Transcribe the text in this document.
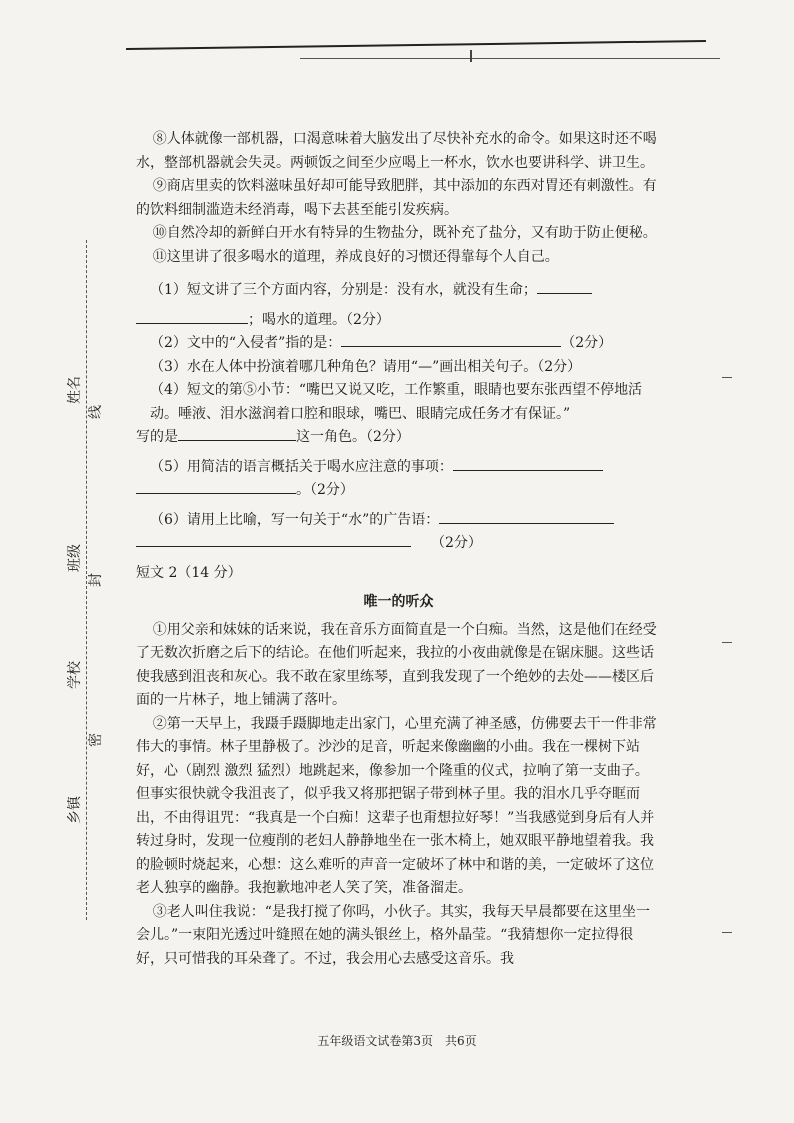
姓名
线
班级
封
学校
密
乡镇

⑧人体就像一部机器，口渴意味着大脑发出了尽快补充水的命令。如果这时还不喝水，整部机器就会失灵。两顿饭之间至少应喝上一杯水，饮水也要讲科学、讲卫生。

⑨商店里卖的饮料滋味虽好却可能导致肥胖，其中添加的东西对胃还有刺激性。有的饮料细制滥造未经消毒，喝下去甚至能引发疾病。

⑩自然冷却的新鲜白开水有特异的生物盐分，既补充了盐分，又有助于防止便秘。

⑪这里讲了很多喝水的道理，养成良好的习惯还得靠每个人自己。

（1）短文讲了三个方面内容，分别是：没有水，就没有生命；

；喝水的道理。（2分）

（2）文中的“入侵者”指的是：	（2分）

（3）水在人体中扮演着哪几种角色？请用“—”画出相关句子。（2分）

（4）短文的第⑤小节：“嘴巴又说又吃，工作繁重，眼睛也要东张西望不停地活动。唾液、泪水滋润着口腔和眼球，嘴巴、眼睛完成任务才有保证。”

写的是	这一角色。（2分）

（5）用简洁的语言概括关于喝水应注意的事项：

。（2分）

（6）请用上比喻，写一句关于“水”的广告语：

（2分）

短文 2（14 分）

唯一的听众

①用父亲和妹妹的话来说，我在音乐方面简直是一个白痴。当然，这是他们在经受了无数次折磨之后下的结论。在他们听起来，我拉的小夜曲就像是在锯床腿。这些话使我感到沮丧和灰心。我不敢在家里练琴，直到我发现了一个绝妙的去处——楼区后面的一片林子，地上铺满了落叶。

②第一天早上，我蹑手蹑脚地走出家门，心里充满了神圣感，仿佛要去干一件非常伟大的事情。林子里静极了。沙沙的足音，听起来像幽幽的小曲。我在一棵树下站好，心（剧烈 激烈 猛烈）地跳起来，像参加一个隆重的仪式，拉响了第一支曲子。但事实很快就令我沮丧了，似乎我又将那把锯子带到林子里。我的泪水几乎夺眶而出，不由得诅咒：“我真是一个白痴！这辈子也甭想拉好琴！”当我感觉到身后有人并转过身时，发现一位瘦削的老妇人静静地坐在一张木椅上，她双眼平静地望着我。我的脸顿时烧起来，心想：这么难听的声音一定破坏了林中和谐的美，一定破坏了这位老人独享的幽静。我抱歉地冲老人笑了笑，准备溜走。

③老人叫住我说：“是我打搅了你吗，小伙子。其实，我每天早晨都要在这里坐一会儿。”一束阳光透过叶缝照在她的满头银丝上，格外晶莹。“我猜想你一定拉得很好，只可惜我的耳朵聋了。不过，我会用心去感受这音乐。我

五年级语文试卷第3页　共6页
